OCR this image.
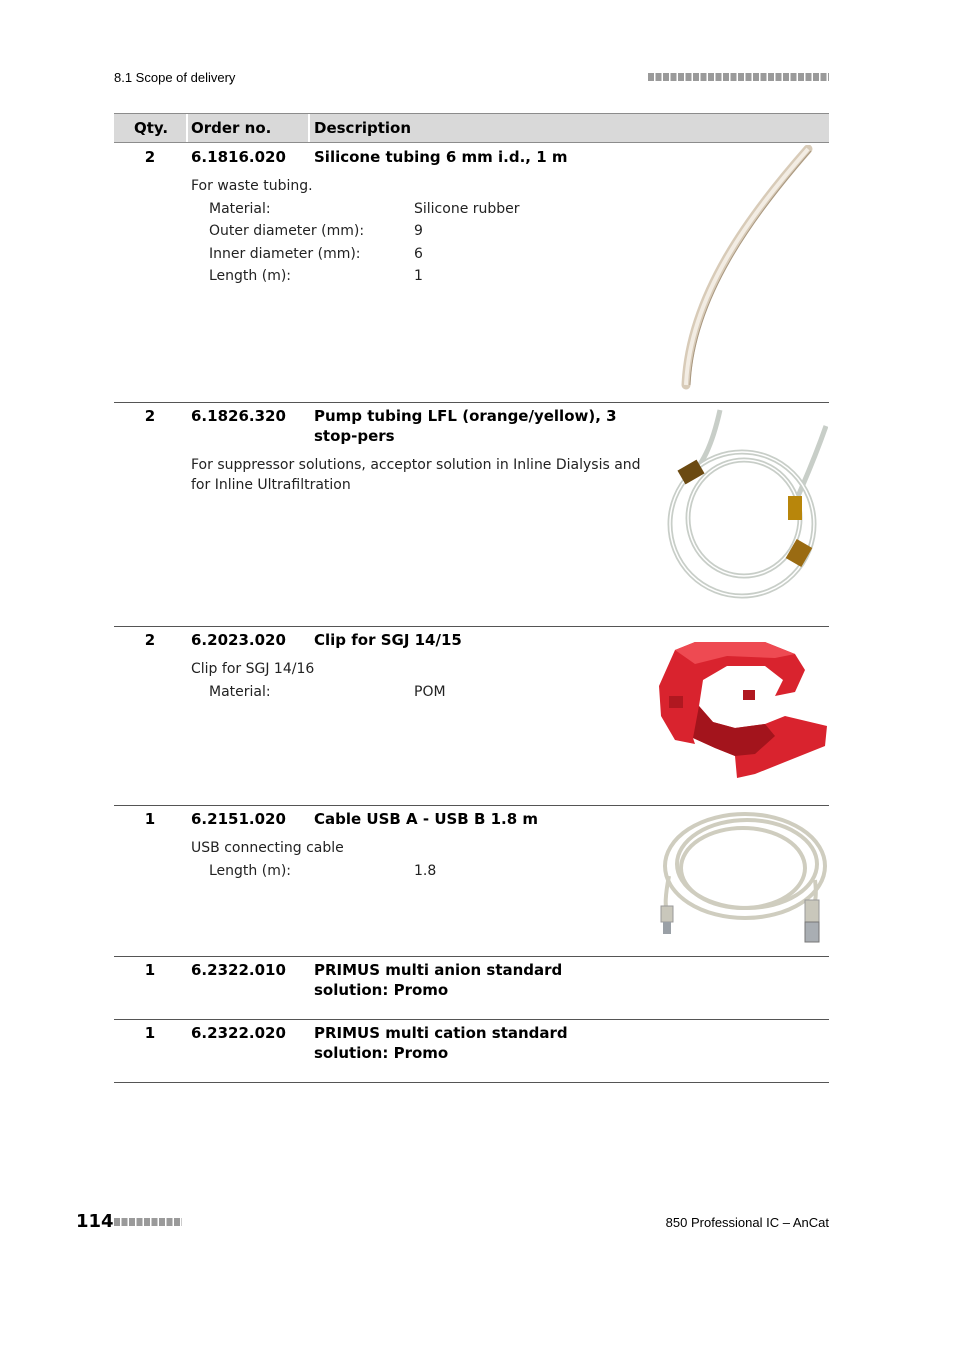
8.1 Scope of delivery
Qty. Order no.	Description
2	6.1816.020 Silicone tubing 6 mm i.d., 1 m
For waste tubing.
Material:	Silicone rubber
Outer diameter (mm):	9
Inner diameter (mm):	6
Length (m):	1
2	6.1826.320 Pump tubing LFL (orange/yellow), 3 stop-pers
For suppressor solutions, acceptor solution in Inline Dialysis and for Inline Ultrafiltration
2	6.2023.020 Clip for SGJ 14/15
Clip for SGJ 14/16
Material:	POM
1	6.2151.020 Cable USB A - USB B 1.8 m
USB connecting cable
Length (m):	1.8
1	6.2322.010 PRIMUS multi anion standard solution: Promo
1	6.2322.020 PRIMUS multi cation standard solution: Promo
114	850 Professional IC – AnCat
